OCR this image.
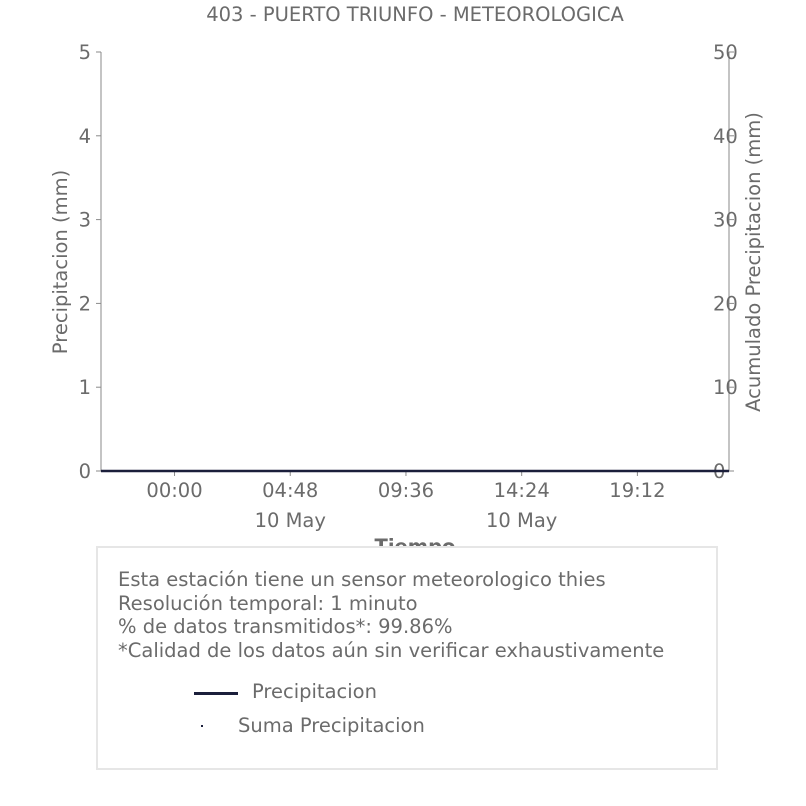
403 - PUERTO TRIUNFO - METEOROLOGICA
0
1
2
3
4
5
0
10
20
30
40
50
00:00	04:48
10 May
09:36	14:24
10 May
19:12
Precipitacion (mm)	Acumulado Precipitacion (mm)
Esta estación tiene un sensor meteorologico thies
Resolución temporal: 1 minuto
% de datos transmitidos*: 99.86%
*Calidad de los datos aún sin verificar exhaustivamente
Precipitacion
Suma Precipitacion
